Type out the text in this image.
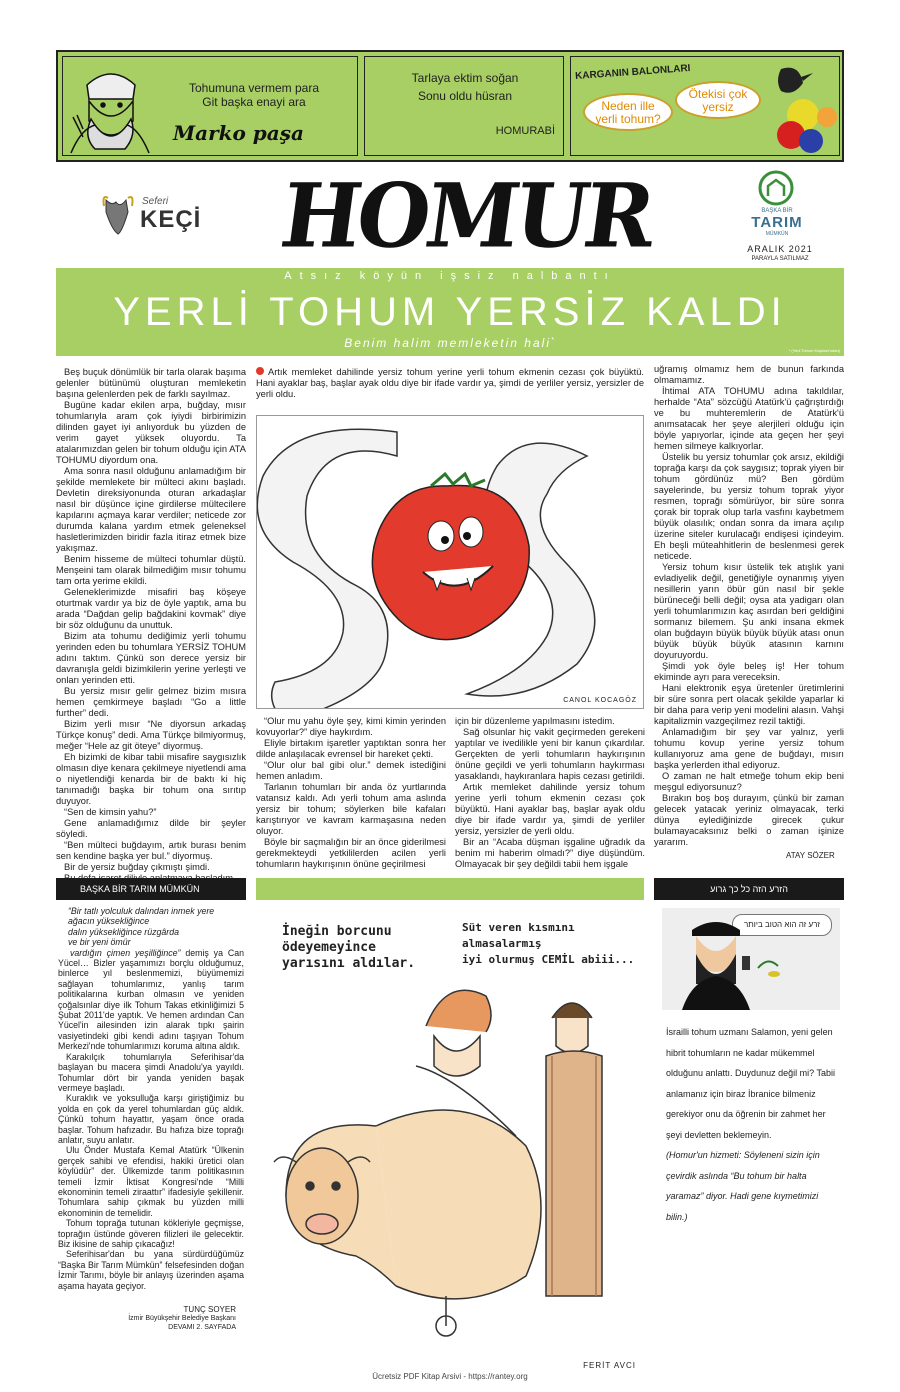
Tohumuna vermem para
Git başka enayi ara
Marko paşa
Tarlaya ektim soğan
Sonu oldu hüsran
HOMURABİ
KARGANIN BALONLARI
Neden ille
yerli tohum?
Ötekisi çok
yersiz
Seferi
KEÇİ HOMUR	BAŞKA BİR
TARIM
MÜMKÜN
ARALIK 2021
PARAYLA SATILMAZ
Atsız köyün işsiz nalbantı
YERLİ TOHUM YERSİZ KALDI
Benim halim memleketin hali*
* (Yerli Tohum Kaşlıları'ndan)

Beş buçuk dönümlük bir tarla olarak başıma gelenler bütünümü oluşturan memleketin başına gelenlerden pek de farklı sayılmaz.

Bugüne kadar ekilen arpa, buğday, mısır tohumlarıyla aram çok iyiydi birbirimizin dilinden gayet iyi anlıyorduk bu yüzden de verim gayet yüksek oluyordu. Ta atalarımızdan gelen bir tohum olduğu için ATA TOHUMU diyordum ona.

Ama sonra nasıl olduğunu anlamadığım bir şekilde memlekete bir mülteci akını başladı. Devletin direksiyonunda oturan arkadaşlar nasıl bir düşünce içine girdilerse mültecilere kapılarını açmaya karar verdiler; neticede zor durumda kalana yardım etmek geleneksel hasletlerimizden biridir fazla itiraz etmek bize yakışmaz.

Benim hisseme de mülteci tohumlar düştü. Menşeini tam olarak bilmediğim mısır tohumu tam orta yerime ekildi.

Geleneklerimizde misafiri baş köşeye oturtmak vardır ya biz de öyle yaptık, ama bu arada “Dağdan gelip bağdakini kovmak” diye bir söz olduğunu da unuttuk.

Bizim ata tohumu dediğimiz yerli tohumu yerinden eden bu tohumlara YERSİZ TOHUM adını taktım. Çünkü son derece yersiz bir davranışla geldi bizimkilerin yerine yerleşti ve onları yerinden etti.

Bu yersiz mısır gelir gelmez bizim mısıra hemen çemkirmeye başladı “Go a little further” dedi.

Bizim yerli mısır “Ne diyorsun arkadaş Türkçe konuş” dedi. Ama Türkçe bilmiyormuş, meğer “Hele az git öteye” diyormuş.

Eh bizimki de kibar tabii misafire saygısızlık olmasın diye kenara çekilmeye niyetlendi ama o niyetlendiği kenarda bir de baktı ki hiç tanımadığı başka bir tohum ona sırıtıp duyuyor.

“Sen de kimsin yahu?”

Gene anlamadığımız dilde bir şeyler söyledi.

“Ben mülteci buğdayım, artık burası benim sen kendine başka yer bul.” diyormuş.

Bir de yersiz buğday çıkmıştı şimdi.

Artık memleket dahilinde yersiz tohum yerine yerli tohum ekmenin cezası çok büyüktü. Hani ayaklar baş, başlar ayak oldu diye bir ifade vardır ya, şimdi de yerliler yersiz, yersizler de yerli oldu.
CANOL KOCAGÖZ

“Olur mu yahu öyle şey, kimi kimin yerinden kovuyorlar?” diye haykırdım.

Eliyle birtakım işaretler yaptıktan sonra her dilde anlaşılacak evrensel bir hareket çekti.

“Olur olur bal gibi olur.” demek istediğini hemen anladım.

Tarlanın tohumları bir anda öz yurtlarında vatansız kaldı. Adı yerli tohum ama aslında yersiz bir tohum; söylerken bile kafaları karıştırıyor ve kavram karmaşasına neden oluyor.

Böyle bir saçmalığın bir an önce giderilmesi gerekmekteydi yetkililerden acilen yerli tohumların haykırışının önüne geçirilmesi

için bir düzenleme yapılmasını istedim.

Sağ olsunlar hiç vakit geçirmeden gerekeni yaptılar ve ivedilikle yeni bir kanun çıkardılar. Gerçekten de yerli tohumların haykırışının önüne geçildi ve yerli tohumların haykırması yasaklandı, haykıranlara hapis cezası getirildi.

Artık memleket dahilinde yersiz tohum yerine yerli tohum ekmenin cezası çok büyüktü. Hani ayaklar baş, başlar ayak oldu diye bir ifade vardır ya, şimdi de yerliler yersiz, yersizler de yerli oldu.

Bir an “Acaba düşman işgaline uğradık da benim mi haberim olmadı?” diye düşündüm. Olmayacak bir şey değildi tabii hem işgale

uğramış olmamız hem de bunun farkında olmamamız.

İhtimal ATA TOHUMU adına takıldılar, herhalde “Ata” sözcüğü Atatürk'ü çağrıştırdığı ve bu muhteremlerin de Atatürk'ü anımsatacak her şeye alerjileri olduğu için böyle yapıyorlar, içinde ata geçen her şeyi hemen silmeye kalkıyorlar.

Üstelik bu yersiz tohumlar çok arsız, ekildiği toprağa karşı da çok saygısız; toprak yiyen bir tohum gördünüz mü? Ben gördüm sayelerinde, bu yersiz tohum toprak yiyor resmen, toprağı sömürüyor, bir süre sonra çorak bir toprak olup tarla vasfını kaybetmem büyük olasılık; ondan sonra da imara açılıp üzerine siteler kurulacağı endişesi içindeyim. Eh beşli müteahhitlerin de beslenmesi gerek neticede.

Yersiz tohum kısır üstelik tek atışlık yani evladiyelik değil, genetiğiyle oynanmış yiyen nesillerin yarın öbür gün nasıl bir şekle bürüneceği belli değil; oysa ata yadigarı olan yerli tohumlarımızın kaç asırdan beri geldiğini sormanız bilemem. Şu anki insana ekmek olan buğdayın büyük büyük büyük atası onun büyük büyük büyük atasının karnını doyuruyordu.

Şimdi yok öyle beleş iş! Her tohum ekiminde ayrı para vereceksin.

Hani elektronik eşya üretenler üretimlerini bir süre sonra pert olacak şekilde yaparlar ki bir daha para verip yeni modelini alasın. Vahşi kapitalizmin vazgeçilmez rezil taktiği.

Anlamadığım bir şey var yalnız, yerli tohumu kovup yerine yersiz tohum kullanıyoruz ama gene de buğdayı, mısırı başka yerlerden ithal ediyoruz.

O zaman ne halt etmeğe tohum ekip beni meşgul ediyorsunuz?

Bırakın boş boş durayım, çünkü bir zaman gelecek yatacak yeriniz olmayacak, terki dünya eylediğinizde girecek çukur bulamayacaksınız belki o zaman işinize yararım.

ATAY SÖZER
BAŞKA BİR TARIM MÜMKÜN
“Bir tatlı yolculuk dalından inmek yere
ağacın yüksekliğince
dalın yüksekliğince rüzgârda
ve bir yeni ömür
vardığın çimen yeşilliğince” demiş ya Can Yücel… Bizler yaşamımızı borçlu olduğumuz, binlerce yıl beslenmemizi, büyümemizi sağlayan tohumlarımız, yanlış tarım politikalarına kurban olmasın ve yeniden çoğalsınlar diye ilk Tohum Takas etkinliğimizi 5 Şubat 2011'de yaptık. Ve hemen ardından Can Yücel'in ailesinden izin alarak tıpkı şairin vasiyetindeki gibi kendi adını taşıyan Tohum Merkezi'nde tohumlarımızı koruma altına aldık.

Karakılçık tohumlarıyla Seferihisar'da başlayan bu macera şimdi Anadolu'ya yayıldı. Tohumlar dört bir yanda yeniden başak vermeye başladı.

Kuraklık ve yoksulluğa karşı giriştiğimiz bu yolda en çok da yerel tohumlardan güç aldık. Çünkü tohum hayattır, yaşam önce orada başlar. Tohum hafızadır. Bu hafıza bize toprağı anlatır, suyu anlatır.

Ulu Önder Mustafa Kemal Atatürk “Ülkenin gerçek sahibi ve efendisi, hakiki üretici olan köylüdür” der. Ülkemizde tarım politikasının temeli İzmir İktisat Kongresi'nde “Milli ekonominin temeli ziraattır” ifadesiyle şekillenir. Tohumlara sahip çıkmak bu yüzden milli ekonominin de temelidir.

Tohum toprağa tutunan kökleriyle geçmişse, toprağın üstünde göveren filizleri ile gelecektir. Biz ikisine de sahip çıkacağız!

Seferihisar'dan bu yana sürdürdüğümüz “Başka Bir Tarım Mümkün” felsefesinden doğan İzmir Tarımı, böyle bir anlayış üzerinden aşama aşama hayata geçiyor.

TUNÇ SOYER
İzmir Büyükşehir Belediye Başkanı
DEVAMI 2. SAYFADA
İneğin borcunu
ödeyemeyince
yarısını aldılar.
Süt veren kısmını almasalarmış
iyi olurmuş CEMİL abiii...
FERİT AVCI
הזרע הזה כל כך גרוע
זרע זה הוא הטוב ביותר
İsrailli tohum uzmanı Salamon, yeni gelen hibrit tohumların ne kadar mükemmel olduğunu anlattı. Duydunuz değil mi? Tabii anlamanız için biraz İbranice bilmeniz gerekiyor onu da öğrenin bir zahmet her şeyi devletten beklemeyin.
(Homur'un hizmeti: Söyleneni sizin için çevirdik aslında “Bu tohum bir halta yaramaz” diyor. Hadi gene kıymetimizi bilin.)
Ücretsiz PDF Kitap Arsivi - https://rantey.org
